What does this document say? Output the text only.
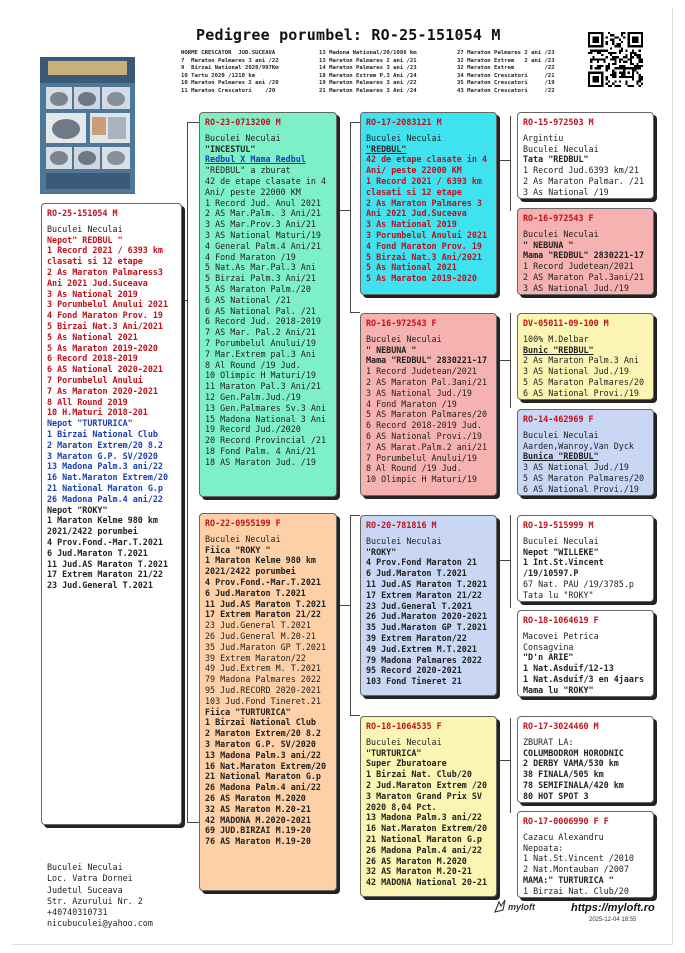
Pedigree porumbel: RO-25-151054 M
NORME CRESCATOR  JUD.SUCEAVA
7  Maraton Palmares 3 ani /22
9  Birzai National 2020/997Km
10 Tartu 2020 /1210 km
10 Maraton Palmares 2 ani /20
11 Maraton Crescatori    /20
13 Madona National/20/1086 km
13 Maraton Palmares 2 ani /21
14 Maraton Palmares 3 ani /23
18 Maraton Extrem P.3 Ani /24
19 Maraton Palmares 3 ani /22
21 Maraton Palmares 3 Ani /24
27 Maraton Palmares 2 ani /23
32 Maraton Extrem   2 ani /23
32 Maraton Extrem         /22
34 Maraton Crescatori     /21
35 Maraton Crescatori     /19
43 Maraton Crescatori     /22
RO-25-151054 M
Buculei Neculai
Nepot" REDBUL "
1 Record 2021 / 6393 km
clasati si 12 etape
2 As Maraton Palmaress3
Ani 2021 Jud.Suceava
3 As National 2019
3 Porumbelul Anului 2021
4 Fond Maraton Prov. 19
5 Birzai Nat.3 Ani/2021
5 As National 2021
5 As Maraton 2019-2020
6 Record 2018-2019
6 AS National 2020-2021
7 Porumbelul Anului
7 As Maraton 2020-2021
8 All Round 2019
10 H.Maturi 2018-201
Nepot "TURTURICA"
1 Birzai National Club
2 Maraton Extrem/20 8.2
3 Maraton G.P. SV/2020
13 Madona Palm.3 ani/22
16 Nat.Maraton Extrem/20
21 National Maraton G.p
26 Madona Palm.4 ani/22
Nepot "ROKY"
1 Maraton Kelme 980 km
2021/2422 porumbei
4 Prov.Fond.-Mar.T.2021
6 Jud.Maraton T.2021
11 Jud.AS Maraton T.2021
17 Extrem Maraton 21/22
23 Jud.General T.2021
RO-23-0713200 M
Buculei Neculai
"INCESTUL"
Redbul X Mama Redbul
"REDBUL" a zburat
42 de etape clasate in 4
Ani/ peste 22000 KM
1 Record Jud. Anul 2021
2 AS Mar.Palm. 3 Ani/21
3 AS Mar.Prov.3 Ani/21
3 AS National Maturi/19
4 General Palm.4 Ani/21
4 Fond Maraton /19
5 Nat.As Mar.Pal.3 Ani
5 Birzai Palm.3 Ani/21
5 AS Maraton Palm./20
6 AS National /21
6 AS National Pal. /21
6 Record Jud. 2018-2019
7 AS Mar. Pal.2 Ani/21
7 Porumbelul Anului/19
7 Mar.Extrem pal.3 Ani
8 Al Round /19 Jud.
10 Olimpic H Maturi/19
11 Maraton Pal.3 Ani/21
12 Gen.Palm.Jud./19
13 Gen.Palmares Sv.3 Ani
15 Madona National 3 Ani
19 Record Jud./2020
20 Record Provincial /21
18 Fond Palm. 4 Ani/21
18 AS Maraton Jud. /19
RO-22-0955199 F
Buculei Neculai
Fiica "ROKY "
1 Maraton Kelme 980 km
2021/2422 porumbei
4 Prov.Fond.-Mar.T.2021
6 Jud.Maraton T.2021
11 Jud.AS Maraton T.2021
17 Extrem Maraton 21/22
23 Jud.General T.2021
26 Jud.General M.20-21
35 Jud.Maraton GP T.2021
39 Extrem Maraton/22
49 Jud.Extrem M. T.2021
79 Madona Palmares 2022
95 Jud.RECORD 2020-2021
103 Jud.Fond Tineret.21
Fiica "TURTURICA"
1 Birzai National Club
2 Maraton Extrem/20 8.2
3 Maraton G.P. SV/2020
13 Madona Palm.3 ani/22
16 Nat.Maraton Extrem/20
21 National Maraton G.p
26 Madona Palm.4 ani/22
26 AS Maraton M.2020
32 AS Maraton M.20-21
42 MADONA M.2020-2021
69 JUD.BIRZAI M.19-20
76 AS Maraton M.19-20
RO-17-2083121 M
Buculei Neculai
"REDBUL"
42 de etape clasate in 4
Ani/ peste 22000 KM
1 Record 2021 / 6393 km
clasati si 12 etape
2 As Maraton Palmares 3
Ani 2021 Jud.Suceava
3 As National 2019
3 Porumbelul Anului 2021
4 Fond Maraton Prov. 19
5 Birzai Nat.3 Ani/2021
5 As National 2021
5 As Maraton 2019-2020
RO-16-972543 F
Buculei Neculai
" NEBUNA "
Mama "REDBUL" 2830221-17
1 Record Judetean/2021
2 AS Maraton Pal.3ani/21
3 AS National Jud./19
4 Fond Maraton /19
5 AS Maraton Palmares/20
6 Record 2018-2019 Jud.
6 AS National Provi./19
7 AS Marat.Palm.2 ani/21
7 Porumbelul Anului/19
8 Al Round /19 Jud.
10 Olimpic H Maturi/19
RO-20-781816 M
Buculei Neculai
"ROKY"
4 Prov.Fond Maraton 21
6 Jud.Maraton T.2021
11 Jud.AS Maraton T.2021
17 Extrem Maraton 21/22
23 Jud.General T.2021
26 Jud.Maraton 2020-2021
35 Jud.Maraton GP T.2021
39 Extrem Maraton/22
49 Jud.Extrem M.T.2021
79 Madona Palmares 2022
95 Record 2020-2021
103 Fond Tineret 21
RO-18-1064535 F
Buculei Neculai
"TURTURICA"
Super Zburatoare
1 Birzai Nat. Club/20
2 Jud.Maraton Extrem /20
3 Maraton Grand Prix SV
2020 8,04 Pct.
13 Madona Palm.3 ani/22
16 Nat.Maraton Extrem/20
21 National Maraton G.p
26 Madona Palm.4 ani/22
26 AS Maraton M.2020
32 AS Maraton M.20-21
42 MADONA National 20-21
RO-15-972503 M
Argintiu
Buculei Neculai
Tata "REDBUL"
1 Record Jud.6393 km/21
2 As Maraton Palmar. /21
3 As National /19
RO-16-972543 F
Buculei Neculai
" NEBUNA "
Mama "REDBUL" 2830221-17
1 Record Judetean/2021
2 AS Maraton Pal.3ani/21
3 AS National Jud./19
DV-05011-09-100 M
100% M.Delbar
Bunic "REDBUL"
2 As Maraton Palm.3 Ani
3 AS National Jud./19
5 AS Maraton Palmares/20
6 AS National Provi./19
RO-14-462969 F
Buculei Neculai
Aarden,Wanroy,Van Dyck
Bunica "REDBUL"
3 AS National Jud./19
5 AS Maraton Palmares/20
6 AS National Provi./19
RO-19-515999 M
Buculei Neculai
Nepot "WILLEKE"
1 Int.St.Vincent
/19/10597.P
67 Nat. PAU /19/3785.p
Tata lu "ROKY"
RO-18-1064619 F
Macovei Petrica
Consagvina
"D'n ARIE"
1 Nat.Asduif/12-13
1 Nat.Asduif/3 en 4jaars
Mama lu "ROKY"
RO-17-3024460 M
ZBURAT LA:
COLUMBODROM HORODNIC
2 DERBY VAMA/530 km
38 FINALA/505 km
78 SEMIFINALA/420 km
80 HOT SPOT 3
RO-17-0006990 F F
Cazacu Alexandru
Nepoata:
1 Nat.St.Vincent /2010
2 Nat.Montauban /2007
MAMA:" TURTURICA "
1 Birzai Nat. Club/20
Buculei Neculai
Loc. Vatra Dornei
Judetul Suceava
Str. Azurului Nr. 2
+40740310731
nicubuculei@yahoo.com
myloft	https://myloft.ro
2025-12-04 18:55
